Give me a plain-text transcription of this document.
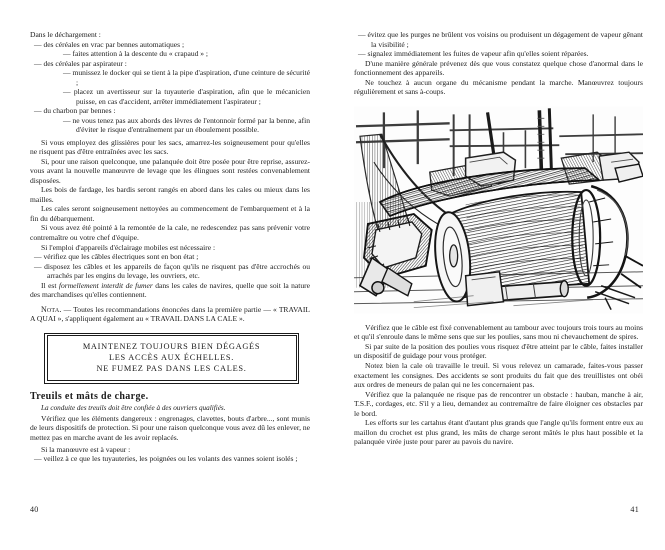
Dans le déchargement :

— des céréales en vrac par bennes automatiques ;

— faites attention à la descente du « crapaud » ;

— des céréales par aspirateur :

— munissez le docker qui se tient à la pipe d'aspiration, d'une ceinture de sécurité ;

— placez un avertisseur sur la tuyauterie d'aspiration, afin que le mécanicien puisse, en cas d'accident, arrêter immédiatement l'aspirateur ;

— du charbon par bennes :

— ne vous tenez pas aux abords des lèvres de l'entonnoir formé par la benne, afin d'éviter le risque d'entraînement par un éboulement possible.

Si vous employez des glissières pour les sacs, amarrez-les soigneusement pour qu'elles ne risquent pas d'être entraînées avec les sacs.

Si, pour une raison quelconque, une palanquée doit être posée pour être reprise, assurez-vous avant la nouvelle manœuvre de levage que les élingues sont restées convenablement disposées.

Les bois de fardage, les bardis seront rangés en abord dans les cales ou mieux dans les mailles.

Les cales seront soigneusement nettoyées au commencement de l'embarquement et à la fin du débarquement.

Si vous avez été pointé à la remontée de la cale, ne redescendez pas sans prévenir votre contremaître ou votre chef d'équipe.

Si l'emploi d'appareils d'éclairage mobiles est nécessaire :

— vérifiez que les câbles électriques sont en bon état ;

— disposez les câbles et les appareils de façon qu'ils ne risquent pas d'être accrochés ou arrachés par les engins du levage, les ouvriers, etc.

Il est formellement interdit de fumer dans les cales de navires, quelle que soit la nature des marchandises qu'elles contiennent.

Nota. — Toutes les recommandations énoncées dans la première partie — « TRAVAIL A QUAI », s'appliquent également au « TRAVAIL DANS LA CALE ».

MAINTENEZ TOUJOURS BIEN DÉGAGÉS
LES ACCÈS AUX ÉCHELLES.
NE FUMEZ PAS DANS LES CALES.
Treuils et mâts de charge.

La conduite des treuils doit être confiée à des ouvriers qualifiés.

Vérifiez que les éléments dangereux : engrenages, clavettes, bouts d'arbre..., sont munis de leurs dispositifs de protection. Si pour une raison quelconque vous avez dû les enlever, ne mettez pas en marche avant de les avoir replacés.

Si la manœuvre est à vapeur :

— veillez à ce que les tuyauteries, les poignées ou les volants des vannes soient isolés ;

40

— évitez que les purges ne brûlent vos voisins ou produisent un dégagement de vapeur gênant la visibilité ;

— signalez immédiatement les fuites de vapeur afin qu'elles soient réparées.

D'une manière générale prévenez dès que vous constatez quelque chose d'anormal dans le fonctionnement des appareils.

Ne touchez à aucun organe du mécanisme pendant la marche. Manœuvrez toujours régulièrement et sans à-coups.

Vérifiez que le câble est fixé convenablement au tambour avec toujours trois tours au moins et qu'il s'enroule dans le même sens que sur les poulies, sans mou ni chevauchement de spires.

Si par suite de la position des poulies vous risquez d'être atteint par le câble, faites installer un dispositif de guidage pour vous protéger.

Notez bien la cale où travaille le treuil. Si vous relevez un camarade, faites-vous passer exactement les consignes. Des accidents se sont produits du fait que des treuillistes ont obéi aux ordres de meneurs de palan qui ne les concernaient pas.

Vérifiez que la palanquée ne risque pas de rencontrer un obstacle : hauban, manche à air, T.S.F., cordages, etc. S'il y a lieu, demandez au contremaître de faire éloigner ces obstacles par le bord.

Les efforts sur les cartahus étant d'autant plus grands que l'angle qu'ils forment entre eux au maillon du crochet est plus grand, les mâts de charge seront mâtés le plus haut possible et la palanquée virée juste pour parer au pavois du navire.

41
